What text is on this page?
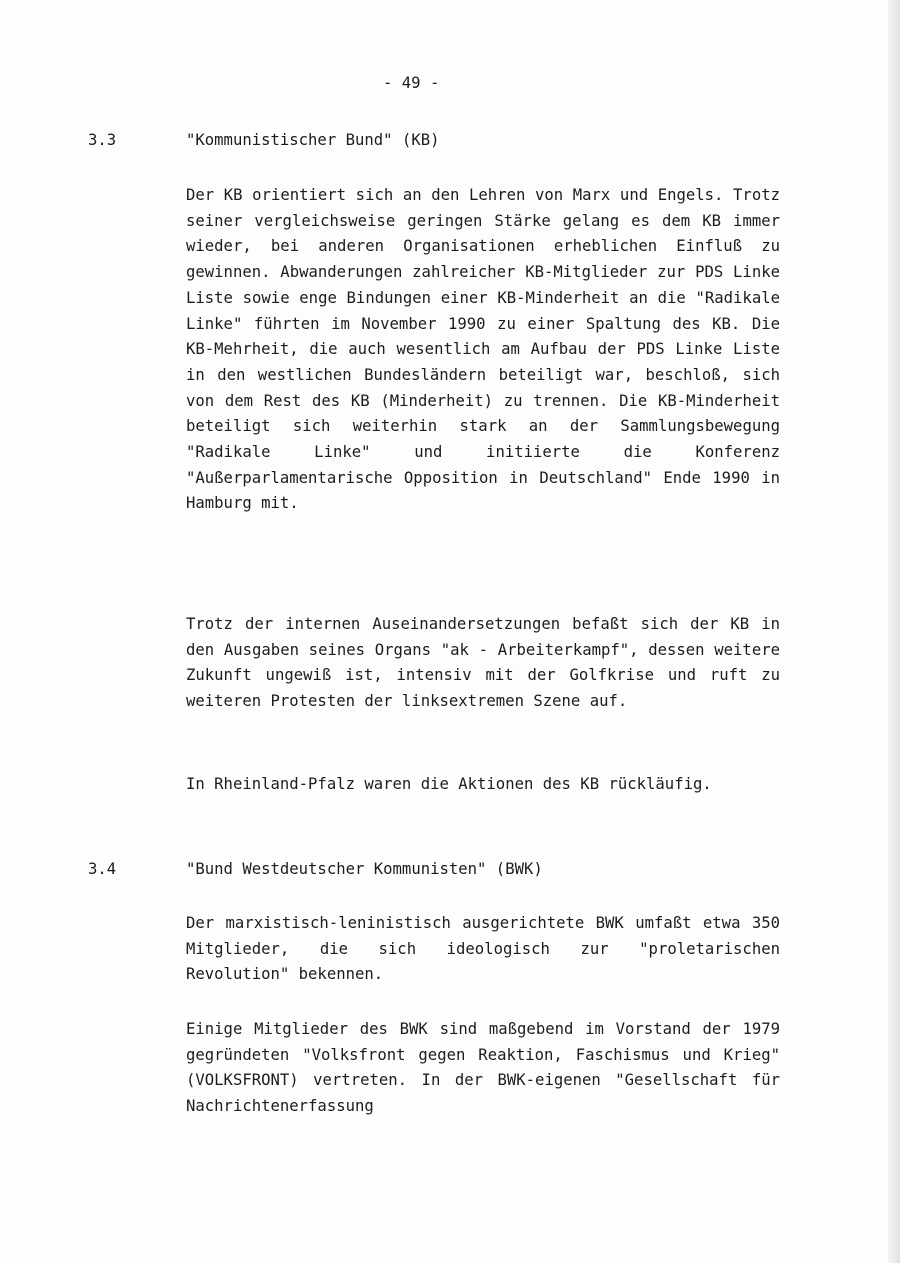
- 49 -
3.3	"Kommunistischer Bund" (KB)

Der KB orientiert sich an den Lehren von Marx und Engels. Trotz seiner vergleichsweise geringen Stärke gelang es dem KB immer wieder, bei anderen Organisationen erheblichen Einfluß zu gewinnen. Abwanderungen zahlreicher KB-Mitglieder zur PDS Linke Liste sowie enge Bindungen einer KB-Minderheit an die "Radikale Linke" führten im November 1990 zu einer Spaltung des KB. Die KB-Mehrheit, die auch wesentlich am Aufbau der PDS Linke Liste in den westlichen Bundesländern beteiligt war, beschloß, sich von dem Rest des KB (Minderheit) zu trennen. Die KB-Minderheit beteiligt sich weiterhin stark an der Sammlungsbewegung "Radikale Linke" und initiierte die Konferenz "Außerparlamentarische Opposition in Deutschland" Ende 1990 in Hamburg mit.

Trotz der internen Auseinandersetzungen befaßt sich der KB in den Ausgaben seines Organs "ak - Arbeiterkampf", dessen weitere Zukunft ungewiß ist, intensiv mit der Golfkrise und ruft zu weiteren Protesten der linksextremen Szene auf.

In Rheinland-Pfalz waren die Aktionen des KB rückläufig.

3.4	"Bund Westdeutscher Kommunisten" (BWK)

Der marxistisch-leninistisch ausgerichtete BWK umfaßt etwa 350 Mitglieder, die sich ideologisch zur "proletarischen Revolution" bekennen.

Einige Mitglieder des BWK sind maßgebend im Vorstand der 1979 gegründeten "Volksfront gegen Reaktion, Faschismus und Krieg" (VOLKSFRONT) vertreten. In der BWK-eigenen "Gesellschaft für Nachrichtenerfassung
